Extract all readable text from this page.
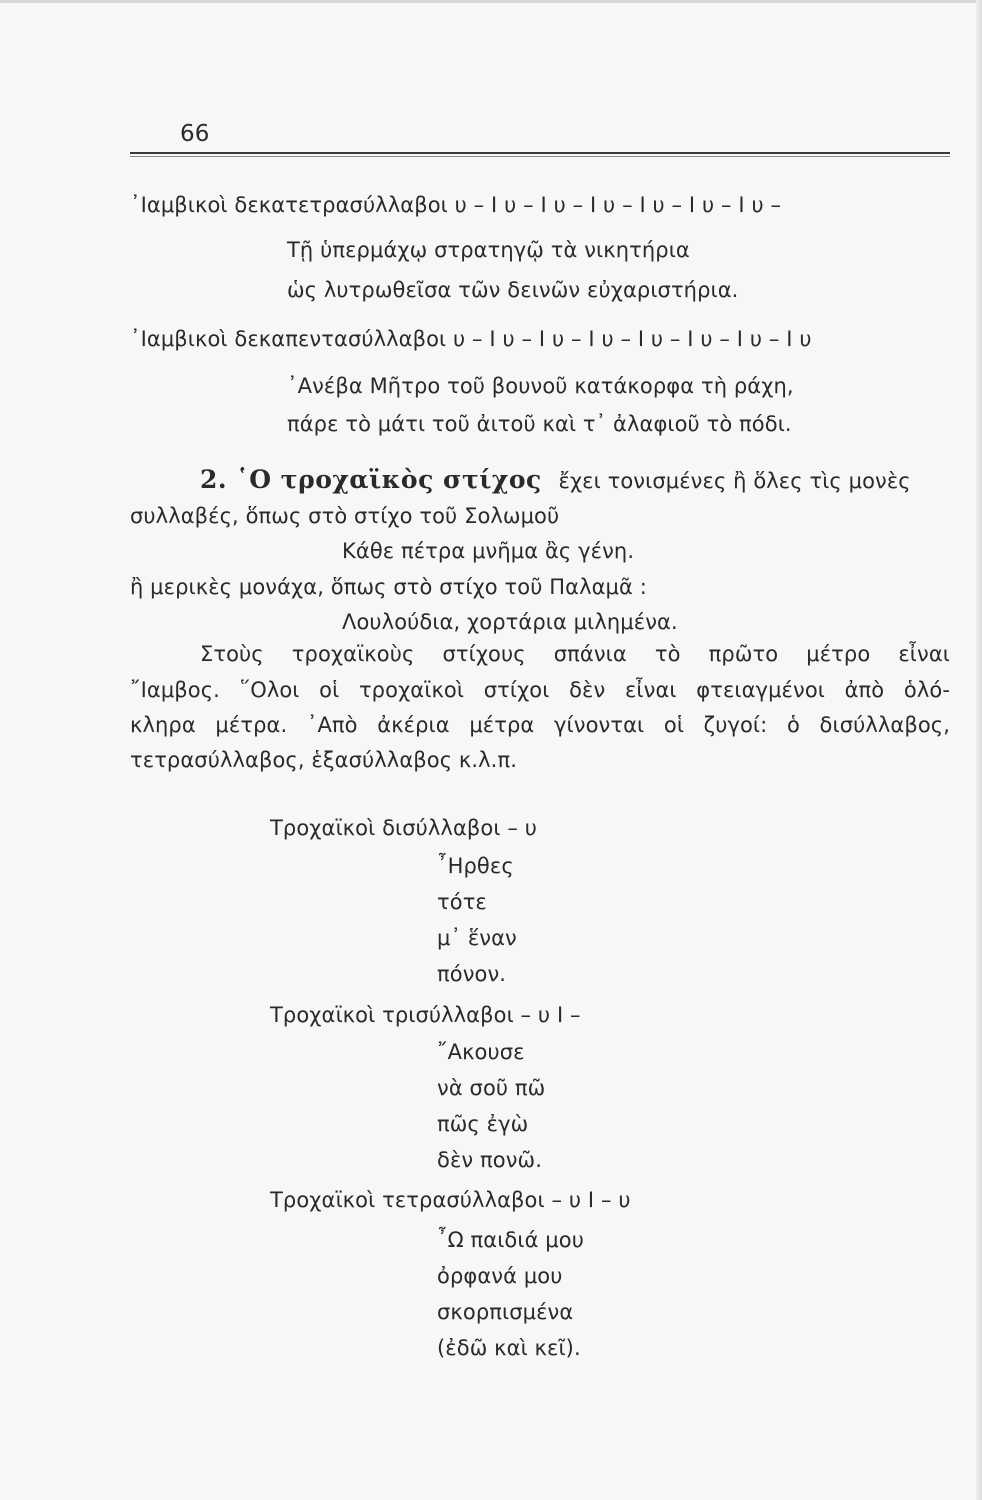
66
᾿Ιαμβικοὶ δεκατετρασύλλαβοι υ – Ι υ – Ι υ – Ι υ – Ι υ – Ι υ – Ι υ –
Τῇ ὑπερμάχῳ στρατηγῷ τὰ νικητήρια
ὡς λυτρωθεῖσα τῶν δεινῶν εὐχαριστήρια.
᾿Ιαμβικοὶ δεκαπεντασύλλαβοι υ – Ι υ – Ι υ – Ι υ – Ι υ – Ι υ – Ι υ – Ι υ
᾿Ανέβα Μῆτρο τοῦ βουνοῦ κατάκορφα τὴ ράχη,
πάρε τὸ μάτι τοῦ ἀιτοῦ καὶ τ᾿ ἀλαφιοῦ τὸ πόδι.
2. ῾Ο τροχαϊκὸς στίχος ἔχει τονισμένες ἢ ὅλες τὶς μονὲς
συλλαβές, ὅπως στὸ στίχο τοῦ Σολωμοῦ
Κάθε πέτρα μνῆμα ἂς γένη.
ἢ μερικὲς μονάχα, ὅπως στὸ στίχο τοῦ Παλαμᾶ :
Λουλούδια, χορτάρια μιλημένα.
Στοὺς τροχαϊκοὺς στίχους σπάνια τὸ πρῶτο μέτρο εἶναι
῎Ιαμβος. ῞Ολοι οἱ τροχαϊκοὶ στίχοι δὲν εἶναι φτειαγμένοι ἀπὸ ὁλό-
κληρα μέτρα. ᾿Απὸ ἀκέρια μέτρα γίνονται οἱ ζυγοί: ὁ δισύλλαβος,
τετρασύλλαβος, ἑξασύλλαβος κ.λ.π.
Τροχαϊκοὶ δισύλλαβοι – υ
῏Ηρθες
τότε
μ᾿ ἕναν
πόνον.
Τροχαϊκοὶ τρισύλλαβοι – υ Ι –
῎Ακουσε
νὰ σοῦ πῶ
πῶς ἐγὼ
δὲν πονῶ.
Τροχαϊκοὶ τετρασύλλαβοι – υ Ι – υ
῏Ω παιδιά μου
ὀρφανά μου
σκορπισμένα
(ἐδῶ καὶ κεῖ).
